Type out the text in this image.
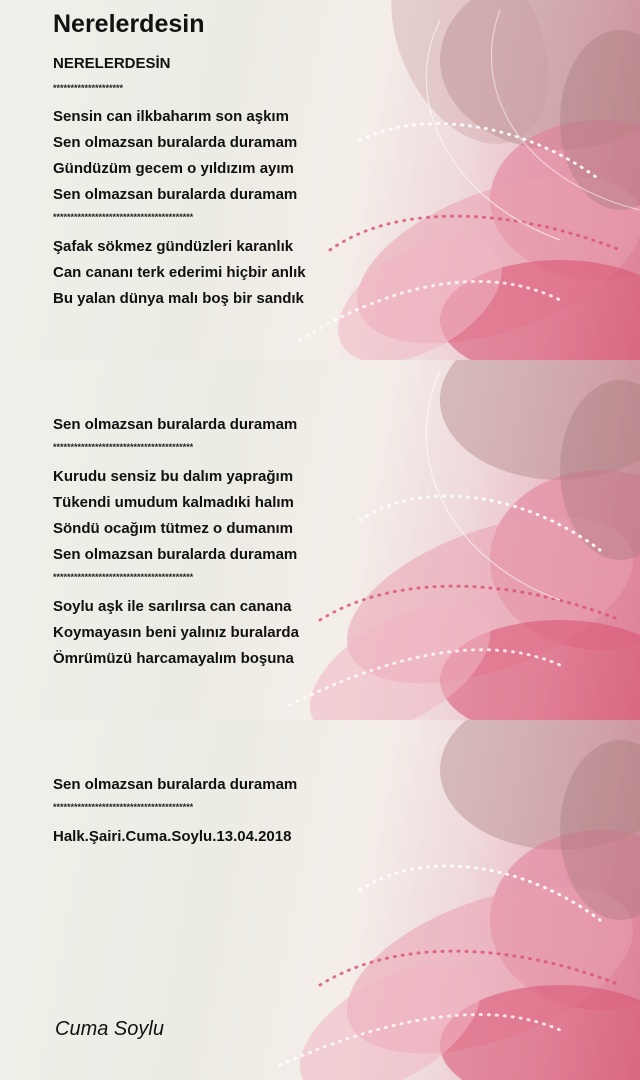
Nerelerdesin
NERELERDESİN
********************
Sensin can ilkbaharım son aşkım
Sen olmazsan buralarda duramam
Gündüzüm gecem o yıldızım ayım
Sen olmazsan buralarda duramam
****************************************
Şafak sökmez gündüzleri karanlık
Can cananı terk ederimi hiçbir anlık
Bu yalan dünya malı boş bir sandık
Sen olmazsan buralarda duramam
****************************************
Kurudu sensiz bu dalım yaprağım
Tükendi umudum kalmadıki halım
Söndü ocağım tütmez o dumanım
Sen olmazsan buralarda duramam
****************************************
Soylu aşk ile sarılırsa can canana
Koymayasın beni yalınız buralarda
Ömrümüzü harcamayalım boşuna
Sen olmazsan buralarda duramam
****************************************
Halk.Şairi.Cuma.Soylu.13.04.2018
Cuma Soylu
